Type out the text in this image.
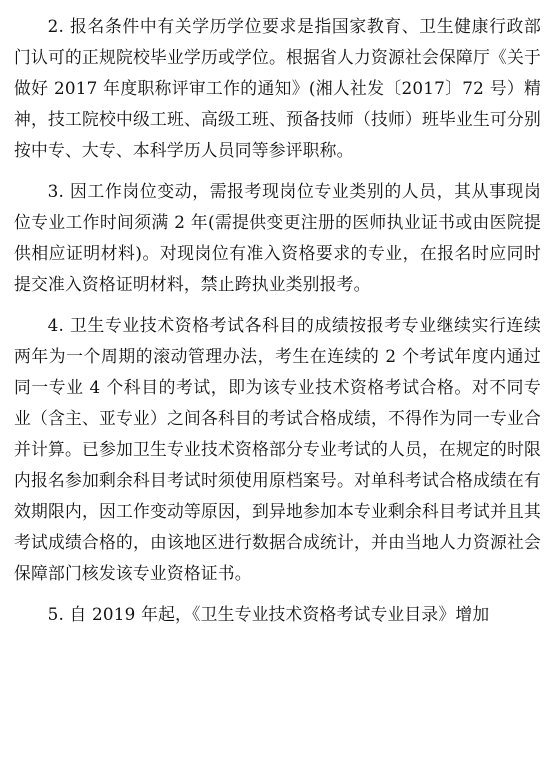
2. 报名条件中有关学历学位要求是指国家教育、卫生健康行政部门认可的正规院校毕业学历或学位。根据省人力资源社会保障厅《关于做好 2017 年度职称评审工作的通知》(湘人社发〔2017〕72 号）精神，技工院校中级工班、高级工班、预备技师（技师）班毕业生可分别按中专、大专、本科学历人员同等参评职称。

3. 因工作岗位变动，需报考现岗位专业类别的人员，其从事现岗位专业工作时间须满 2 年(需提供变更注册的医师执业证书或由医院提供相应证明材料)。对现岗位有准入资格要求的专业，在报名时应同时提交准入资格证明材料，禁止跨执业类别报考。

4. 卫生专业技术资格考试各科目的成绩按报考专业继续实行连续两年为一个周期的滚动管理办法，考生在连续的 2 个考试年度内通过同一专业 4 个科目的考试，即为该专业技术资格考试合格。对不同专业（含主、亚专业）之间各科目的考试合格成绩，不得作为同一专业合并计算。已参加卫生专业技术资格部分专业考试的人员，在规定的时限内报名参加剩余科目考试时须使用原档案号。对单科考试合格成绩在有效期限内，因工作变动等原因，到异地参加本专业剩余科目考试并且其考试成绩合格的，由该地区进行数据合成统计，并由当地人力资源社会保障部门核发该专业资格证书。

5. 自 2019 年起，《卫生专业技术资格考试专业目录》增加
